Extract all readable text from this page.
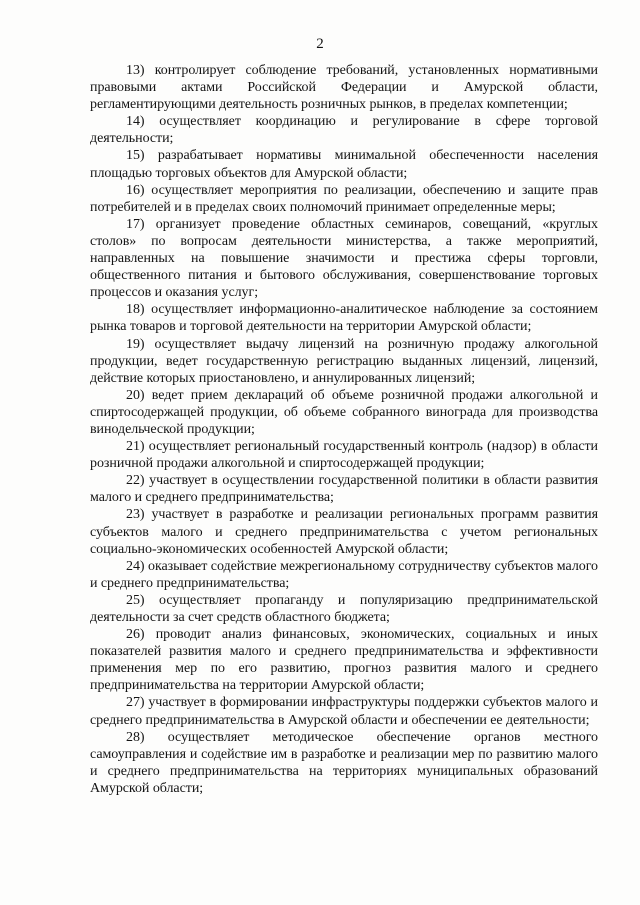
2

13) контролирует соблюдение требований, установленных нормативными правовыми актами Российской Федерации и Амурской области, регламентирующими деятельность розничных рынков, в пределах компетенции;

14) осуществляет координацию и регулирование в сфере торговой деятельности;

15) разрабатывает нормативы минимальной обеспеченности населения площадью торговых объектов для Амурской области;

16) осуществляет мероприятия по реализации, обеспечению и защите прав потребителей и в пределах своих полномочий принимает определенные меры;

17) организует проведение областных семинаров, совещаний, «круглых столов» по вопросам деятельности министерства, а также мероприятий, направленных на повышение значимости и престижа сферы торговли, общественного питания и бытового обслуживания, совершенствование торговых процессов и оказания услуг;

18) осуществляет информационно-аналитическое наблюдение за состоянием рынка товаров и торговой деятельности на территории Амурской области;

19) осуществляет выдачу лицензий на розничную продажу алкогольной продукции, ведет государственную регистрацию выданных лицензий, лицензий, действие которых приостановлено, и аннулированных лицензий;

20) ведет прием деклараций об объеме розничной продажи алкогольной и спиртосодержащей продукции, об объеме собранного винограда для производства винодельческой продукции;

21) осуществляет региональный государственный контроль (надзор) в области розничной продажи алкогольной и спиртосодержащей продукции;

22) участвует в осуществлении государственной политики в области развития малого и среднего предпринимательства;

23) участвует в разработке и реализации региональных программ развития субъектов малого и среднего предпринимательства с учетом региональных социально-экономических особенностей Амурской области;

24) оказывает содействие межрегиональному сотрудничеству субъектов малого и среднего предпринимательства;

25) осуществляет пропаганду и популяризацию предпринимательской деятельности за счет средств областного бюджета;

26) проводит анализ финансовых, экономических, социальных и иных показателей развития малого и среднего предпринимательства и эффективности применения мер по его развитию, прогноз развития малого и среднего предпринимательства на территории Амурской области;

27) участвует в формировании инфраструктуры поддержки субъектов малого и среднего предпринимательства в Амурской области и обеспечении ее деятельности;

28) осуществляет методическое обеспечение органов местного самоуправления и содействие им в разработке и реализации мер по развитию малого и среднего предпринимательства на территориях муниципальных образований Амурской области;
